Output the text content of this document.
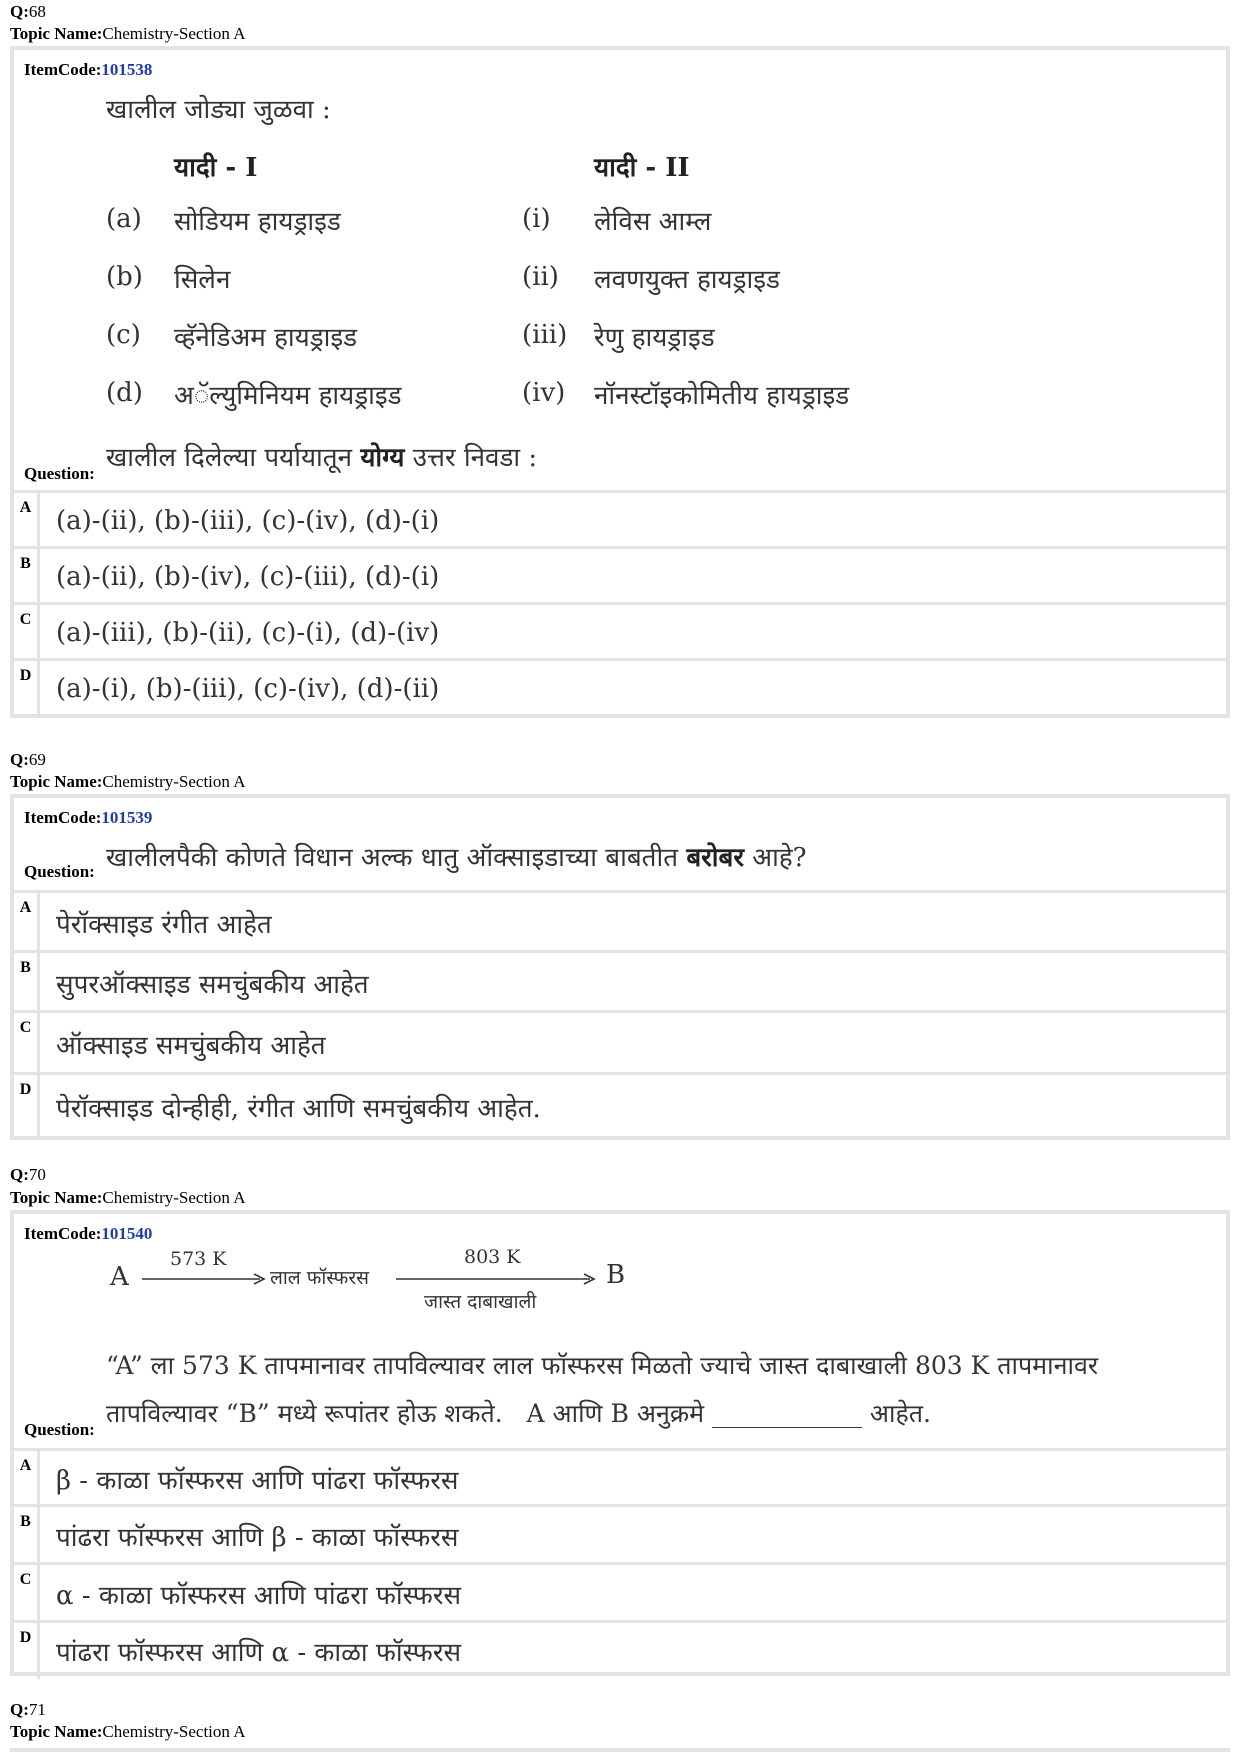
Q:68
Topic Name:Chemistry-Section A
ItemCode:101538
खालील जोड्या जुळवा :
यादी - I	यादी - II
(a) सोडियम हायड्राइड	(i) लेविस आम्ल
(b) सिलेन	(ii) लवणयुक्त हायड्राइड
(c) व्हॅनेडिअम हायड्राइड	(iii) रेणु हायड्राइड
(d) अॅल्युमिनियम हायड्राइड	(iv) नॉनस्टॉइकोमितीय हायड्राइड
खालील दिलेल्या पर्यायातून योग्य उत्तर निवडा :
Question:
A (a)-(ii), (b)-(iii), (c)-(iv), (d)-(i)
B (a)-(ii), (b)-(iv), (c)-(iii), (d)-(i)
C (a)-(iii), (b)-(ii), (c)-(i), (d)-(iv)
D (a)-(i), (b)-(iii), (c)-(iv), (d)-(ii)
Q:69
Topic Name:Chemistry-Section A
ItemCode:101539
खालीलपैकी कोणते विधान अल्क धातु ऑक्साइडाच्या बाबतीत बरोबर आहे?
Question:
A
पेरॉक्साइड रंगीत आहेत
B
सुपरऑक्साइड समचुंबकीय आहेत
C
ऑक्साइड समचुंबकीय आहेत
D
पेरॉक्साइड दोन्हीही, रंगीत आणि समचुंबकीय आहेत.
Q:70
Topic Name:Chemistry-Section A
ItemCode:101540
A
573 K
लाल फॉस्फरस
803 K
जास्त दाबाखाली
B
“A” ला 573 K तापमानावर तापविल्यावर लाल फॉस्फरस मिळतो ज्याचे जास्त दाबाखाली 803 K तापमानावर
तापविल्यावर “B” मध्ये रूपांतर होऊ शकते.   A आणि B अनुक्रमे ____________ आहेत.
Question:
A
β - काळा फॉस्फरस आणि पांढरा फॉस्फरस
B
पांढरा फॉस्फरस आणि β - काळा फॉस्फरस
C
α - काळा फॉस्फरस आणि पांढरा फॉस्फरस
D
पांढरा फॉस्फरस आणि α - काळा फॉस्फरस
Q:71
Topic Name:Chemistry-Section A
